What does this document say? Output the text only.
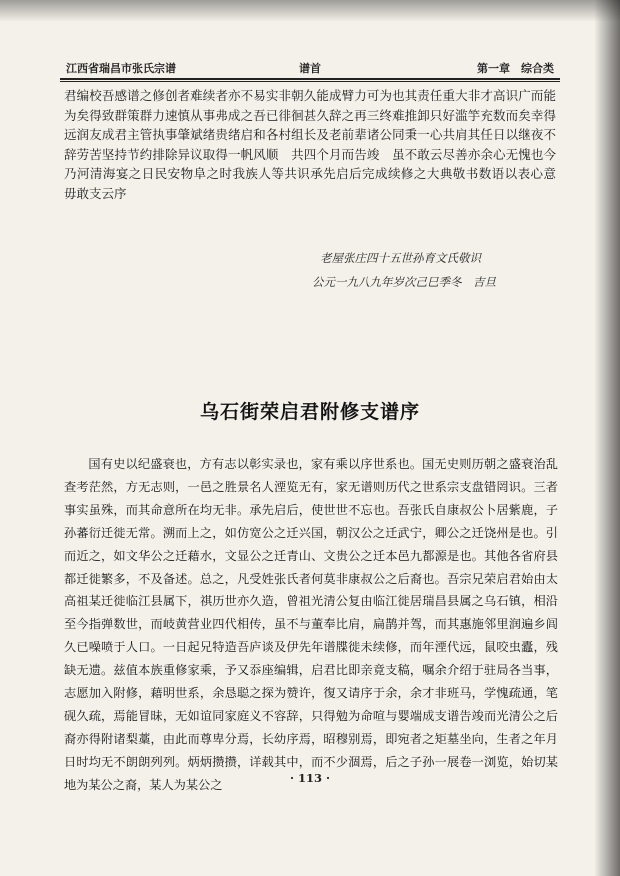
江西省瑞昌市张氏宗谱	谱首	第一章　综合类

君编校吾感谱之修创者难续者亦不易实非朝久能成臂力可为也其责任重大非才高识广而能为矣得致群策群力速慎从事弗成之吾已徘徊甚久辞之再三终难推卸只好滥竽充数而矣幸得远润友成君主管执事肇斌绪贵绪启和各村组长及老前辈诸公同秉一心共肩其任日以继夜不辞劳苦坚持节约排除异议取得一帆风顺　共四个月而告竣　虽不敢云尽善亦余心无愧也今乃河清海宴之日民安物阜之时我族人等共识承先启后完成续修之大典敬书数语以表心意　毋敢支云序

老屋张庄四十五世孙育文氏敬识
公元一九八九年岁次己巳季冬　吉旦
乌石街荣启君附修支谱序

国有史以纪盛衰也，方有志以彰实录也，家有乘以序世系也。国无史则历朝之盛衰治乱查考茫然，方无志则，一邑之胜景名人湮览无有，家无谱则历代之世系宗支盘错罔识。三者事实虽殊，而其命意所在均无非。承先启后，使世世不忘也。吾张氏自康叔公卜居紫鹿，子孙蕃衍迁徙无常。溯而上之，如仿宽公之迁兴国，朝汉公之迁武宁，卿公之迁饶州是也。引而近之，如文华公之迁藉水，文显公之迁青山、文贵公之迁本邑九都源是也。其他各省府县都迁徙繁多，不及备述。总之，凡受姓张氏者何莫非康叔公之后裔也。吾宗兄荣启君始由太高祖某迁徙临江县属下，祺历世亦久造，曾祖光清公复由临江徙居瑞昌县属之乌石镇，相沿至今指弹数世，而岐黄营业四代相传，虽不与董奉比肩，扁鹊并驾，而其惠施邻里润遍乡闾久已噪喷于人口。一日起兄特造吾庐谈及伊先年谱牒徙未续修，而年湮代远，鼠咬虫蠹，残缺无遗。兹值本族重修家乘，予又忝座编辑，启君比即亲竟支稿，嘱余介绍于驻局各当事，志愿加入附修，藉明世系，余恳聪之探为赞许，復又请序于余，余才非班马，学愧疏通，笔砚久疏，焉能冒昧，无如谊同家庭义不容辞，只得勉为命喧与婴端成支谱告竣而光清公之后裔亦得附诸梨藁，由此而尊卑分焉，长幼序焉，昭穆别焉，即宛者之矩墓坐向，生者之年月日时均无不朗朗列列。炳炳攒攒，详载其中，而不少涸焉，后之子孙一展卷一浏览，始切某地为某公之裔，某人为某公之	· 113 ·
